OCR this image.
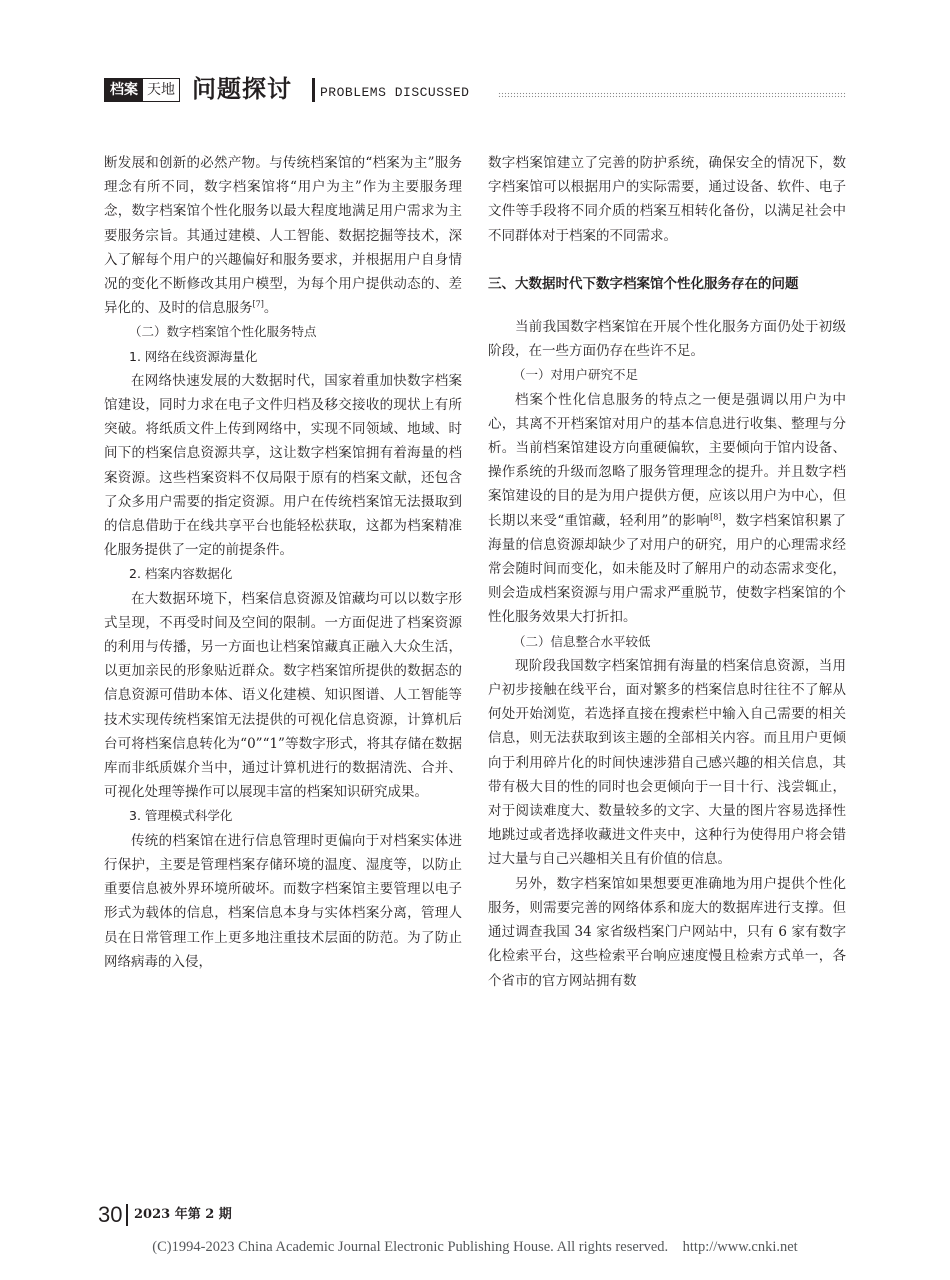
档案 天地 问题探讨 PROBLEMS DISCUSSED

断发展和创新的必然产物。与传统档案馆的“档案为主”服务理念有所不同，数字档案馆将“用户为主”作为主要服务理念，数字档案馆个性化服务以最大程度地满足用户需求为主要服务宗旨。其通过建模、人工智能、数据挖掘等技术，深入了解每个用户的兴趣偏好和服务要求，并根据用户自身情况的变化不断修改其用户模型，为每个用户提供动态的、差异化的、及时的信息服务[7]。

（二）数字档案馆个性化服务特点

1. 网络在线资源海量化

在网络快速发展的大数据时代，国家着重加快数字档案馆建设，同时力求在电子文件归档及移交接收的现状上有所突破。将纸质文件上传到网络中，实现不同领域、地域、时间下的档案信息资源共享，这让数字档案馆拥有着海量的档案资源。这些档案资料不仅局限于原有的档案文献，还包含了众多用户需要的指定资源。用户在传统档案馆无法摄取到的信息借助于在线共享平台也能轻松获取，这都为档案精准化服务提供了一定的前提条件。

2. 档案内容数据化

在大数据环境下，档案信息资源及馆藏均可以以数字形式呈现，不再受时间及空间的限制。一方面促进了档案资源的利用与传播，另一方面也让档案馆藏真正融入大众生活，以更加亲民的形象贴近群众。数字档案馆所提供的数据态的信息资源可借助本体、语义化建模、知识图谱、人工智能等技术实现传统档案馆无法提供的可视化信息资源，计算机后台可将档案信息转化为“0”“1”等数字形式，将其存储在数据库而非纸质媒介当中，通过计算机进行的数据清洗、合并、可视化处理等操作可以展现丰富的档案知识研究成果。

3. 管理模式科学化

传统的档案馆在进行信息管理时更偏向于对档案实体进行保护，主要是管理档案存储环境的温度、湿度等，以防止重要信息被外界环境所破坏。而数字档案馆主要管理以电子形式为载体的信息，档案信息本身与实体档案分离，管理人员在日常管理工作上更多地注重技术层面的防范。为了防止网络病毒的入侵，

数字档案馆建立了完善的防护系统，确保安全的情况下，数字档案馆可以根据用户的实际需要，通过设备、软件、电子文件等手段将不同介质的档案互相转化备份，以满足社会中不同群体对于档案的不同需求。

三、大数据时代下数字档案馆个性化服务存在的问题

当前我国数字档案馆在开展个性化服务方面仍处于初级阶段，在一些方面仍存在些许不足。

（一）对用户研究不足

档案个性化信息服务的特点之一便是强调以用户为中心，其离不开档案馆对用户的基本信息进行收集、整理与分析。当前档案馆建设方向重硬偏软，主要倾向于馆内设备、操作系统的升级而忽略了服务管理理念的提升。并且数字档案馆建设的目的是为用户提供方便，应该以用户为中心，但长期以来受“重馆藏，轻利用”的影响[8]，数字档案馆积累了海量的信息资源却缺少了对用户的研究，用户的心理需求经常会随时间而变化，如未能及时了解用户的动态需求变化，则会造成档案资源与用户需求严重脱节，使数字档案馆的个性化服务效果大打折扣。

（二）信息整合水平较低

现阶段我国数字档案馆拥有海量的档案信息资源，当用户初步接触在线平台，面对繁多的档案信息时往往不了解从何处开始浏览，若选择直接在搜索栏中输入自己需要的相关信息，则无法获取到该主题的全部相关内容。而且用户更倾向于利用碎片化的时间快速涉猎自己感兴趣的相关信息，其带有极大目的性的同时也会更倾向于一目十行、浅尝辄止，对于阅读难度大、数量较多的文字、大量的图片容易选择性地跳过或者选择收藏进文件夹中，这种行为使得用户将会错过大量与自己兴趣相关且有价值的信息。

另外，数字档案馆如果想要更准确地为用户提供个性化服务，则需要完善的网络体系和庞大的数据库进行支撑。但通过调查我国 34 家省级档案门户网站中，只有 6 家有数字化检索平台，这些检索平台响应速度慢且检索方式单一，各个省市的官方网站拥有数

30 2023 年第 2 期
(C)1994-2023 China Academic Journal Electronic Publishing House. All rights reserved.    http://www.cnki.net
